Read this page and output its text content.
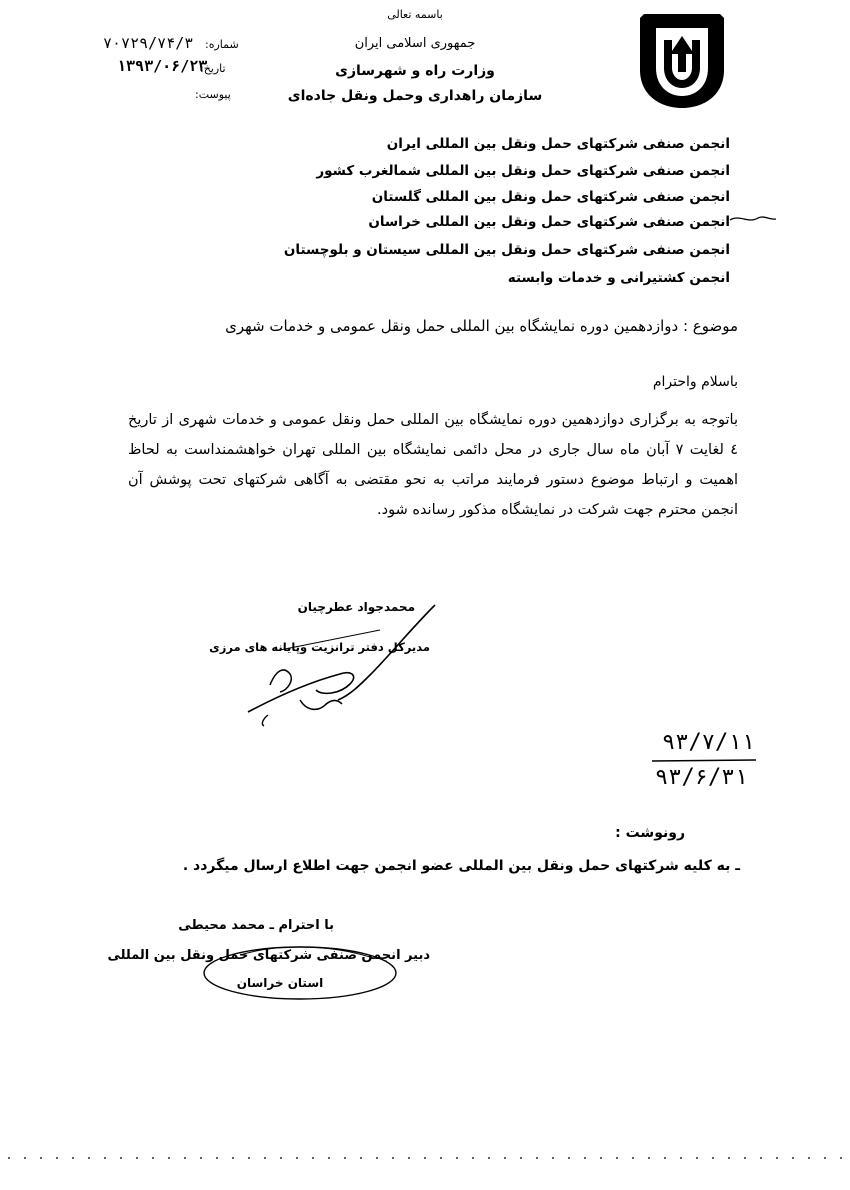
باسمه تعالی
جمهوری اسلامی ایران
وزارت راه و شهرسازی
سازمان راهداری وحمل ونقل جاده‌ای
شماره:
۷۰۷۲۹/۷۴/۳
تاریخ:
۱۳۹۳/۰۶/۲۳
پیوست:
انجمن صنفی شرکتهای حمل ونقل بین المللی ایران
انجمن صنفی شرکتهای حمل ونقل بین المللی شمالغرب کشور
انجمن صنفی شرکتهای حمل ونقل بین المللی گلستان
انجمن صنفی شرکتهای حمل ونقل بین المللی خراسان
انجمن صنفی شرکتهای حمل ونقل بین المللی سیستان و بلوچستان
انجمن کشتیرانی و خدمات وابسته
موضوع : دوازدهمین دوره نمایشگاه بین المللی حمل ونقل عمومی و خدمات شهری
باسلام واحترام
باتوجه به برگزاری دوازدهمین دوره نمایشگاه بین المللی حمل ونقل عمومی و خدمات شهری از تاریخ ٤ لغایت ۷ آبان ماه سال جاری در محل دائمی نمایشگاه بین المللی تهران خواهشمنداست به لحاظ اهمیت و ارتباط موضوع دستور فرمایند مراتب به نحو مقتضی به آگاهی شرکتهای تحت پوشش آن انجمن محترم جهت شرکت در نمایشگاه مذکور رسانده شود.
محمدجواد عطرچیان
مدیرکل دفتر ترانزیت وپایانه های مرزی
۹۳/۷/۱۱
۹۳/۶/۳۱
رونوشت :
ـ به کلیه شرکتهای حمل ونقل بین المللی عضو انجمن جهت اطلاع ارسال میگردد .
با احترام ـ محمد محیطی
دبیر انجمن صنفی شرکتهای حمل ونقل بین المللی
استان خراسان
